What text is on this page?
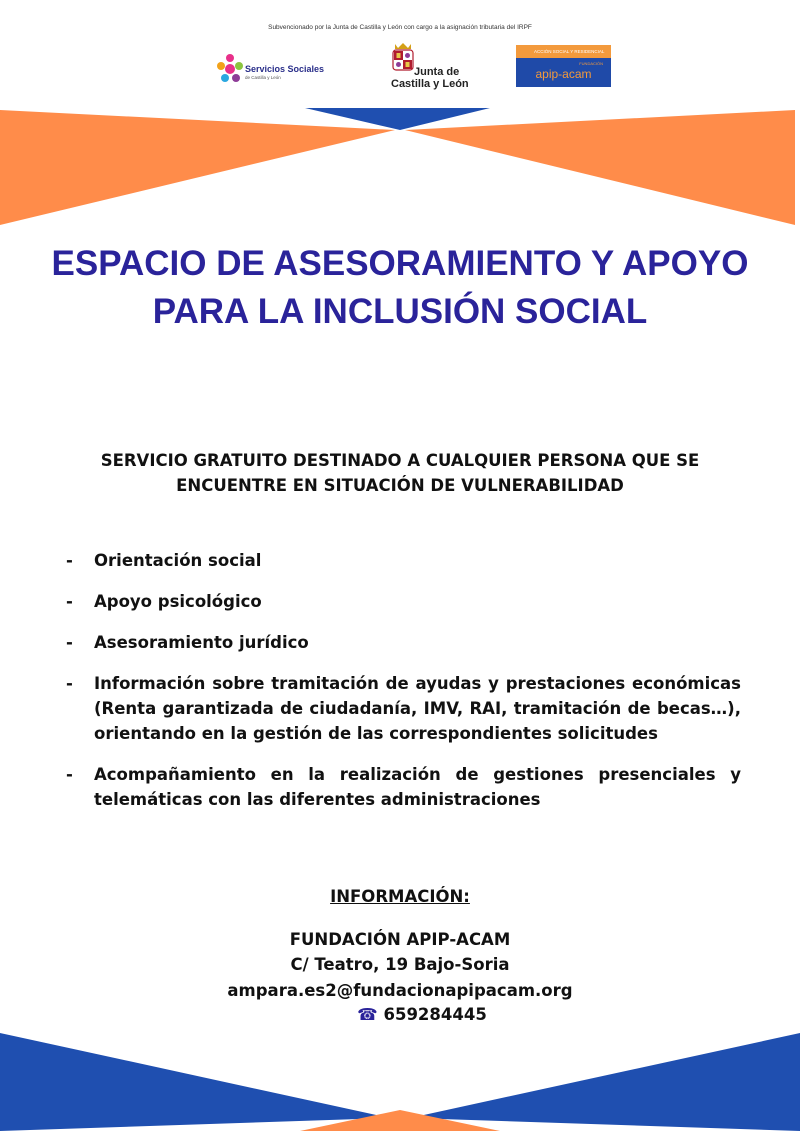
Subvencionado por la Junta de Castilla y León con cargo a la asignación tributaria del IRPF
Servicios Sociales
de Castilla y León	Junta de
Castilla y León
ACCIÓN SOCIAL Y RESIDENCIAL
FUNDACIÓN
apip-acam
ESPACIO DE ASESORAMIENTO Y APOYO PARA LA INCLUSIÓN SOCIAL

SERVICIO GRATUITO DESTINADO A CUALQUIER PERSONA QUE SE ENCUENTRE EN SITUACIÓN DE VULNERABILIDAD

- Orientación social
- Apoyo psicológico
- Asesoramiento jurídico
- Información sobre tramitación de ayudas y prestaciones económicas (Renta garantizada de ciudadanía, IMV, RAI, tramitación de becas…), orientando en la gestión de las correspondientes solicitudes
- Acompañamiento en la realización de gestiones presenciales y telemáticas con las diferentes administraciones
INFORMACIÓN:
FUNDACIÓN APIP-ACAM
C/ Teatro, 19 Bajo-Soria
ampara.es2@fundacionapipacam.org
☎ 659284445
